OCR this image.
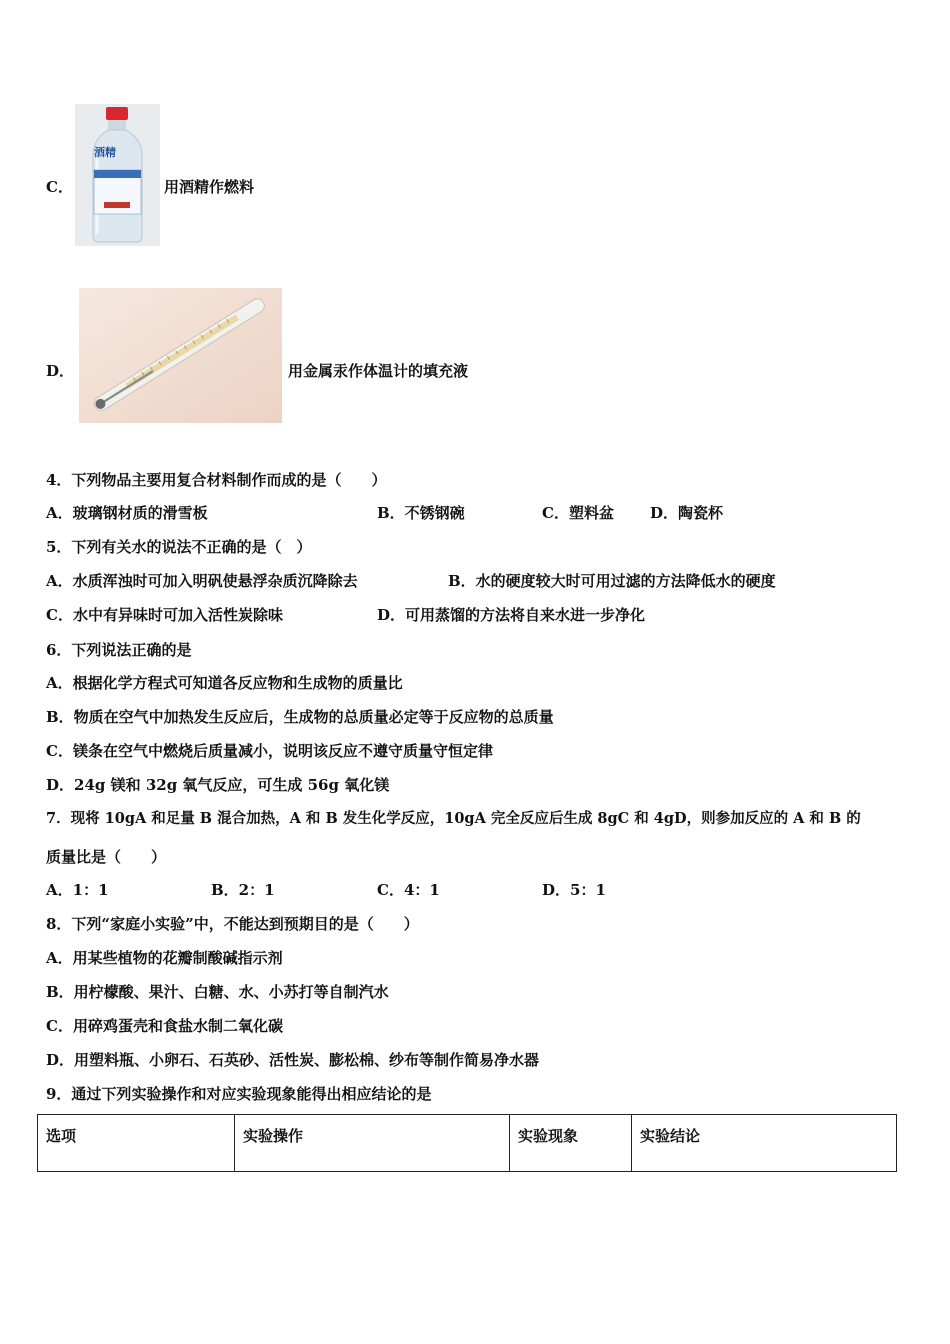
C．
酒精
用酒精作燃料
D．	用金属汞作体温计的填充液
4．下列物品主要用复合材料制作而成的是（　　）
A．玻璃钢材质的滑雪板	B．不锈钢碗	C．塑料盆 D．陶瓷杯
5．下列有关水的说法不正确的是（　）
A．水质浑浊时可加入明矾使悬浮杂质沉降除去	B．水的硬度较大时可用过滤的方法降低水的硬度
C．水中有异味时可加入活性炭除味	D．可用蒸馏的方法将自来水进一步净化
6．下列说法正确的是
A．根据化学方程式可知道各反应物和生成物的质量比
B．物质在空气中加热发生反应后，生成物的总质量必定等于反应物的总质量
C．镁条在空气中燃烧后质量减小，说明该反应不遵守质量守恒定律
D．24g 镁和 32g 氧气反应，可生成 56g 氧化镁
7．现将 10gA 和足量 B 混合加热，A 和 B 发生化学反应，10gA 完全反应后生成 8gC 和 4gD，则参加反应的 A 和 B 的
质量比是（　　）
A．1：1	B．2：1	C．4：1	D．5：1
8．下列“家庭小实验”中，不能达到预期目的是（　　）
A．用某些植物的花瓣制酸碱指示剂
B．用柠檬酸、果汁、白糖、水、小苏打等自制汽水
C．用碎鸡蛋壳和食盐水制二氧化碳
D．用塑料瓶、小卵石、石英砂、活性炭、膨松棉、纱布等制作简易净水器
9．通过下列实验操作和对应实验现象能得出相应结论的是
选项	实验操作	实验现象	实验结论
